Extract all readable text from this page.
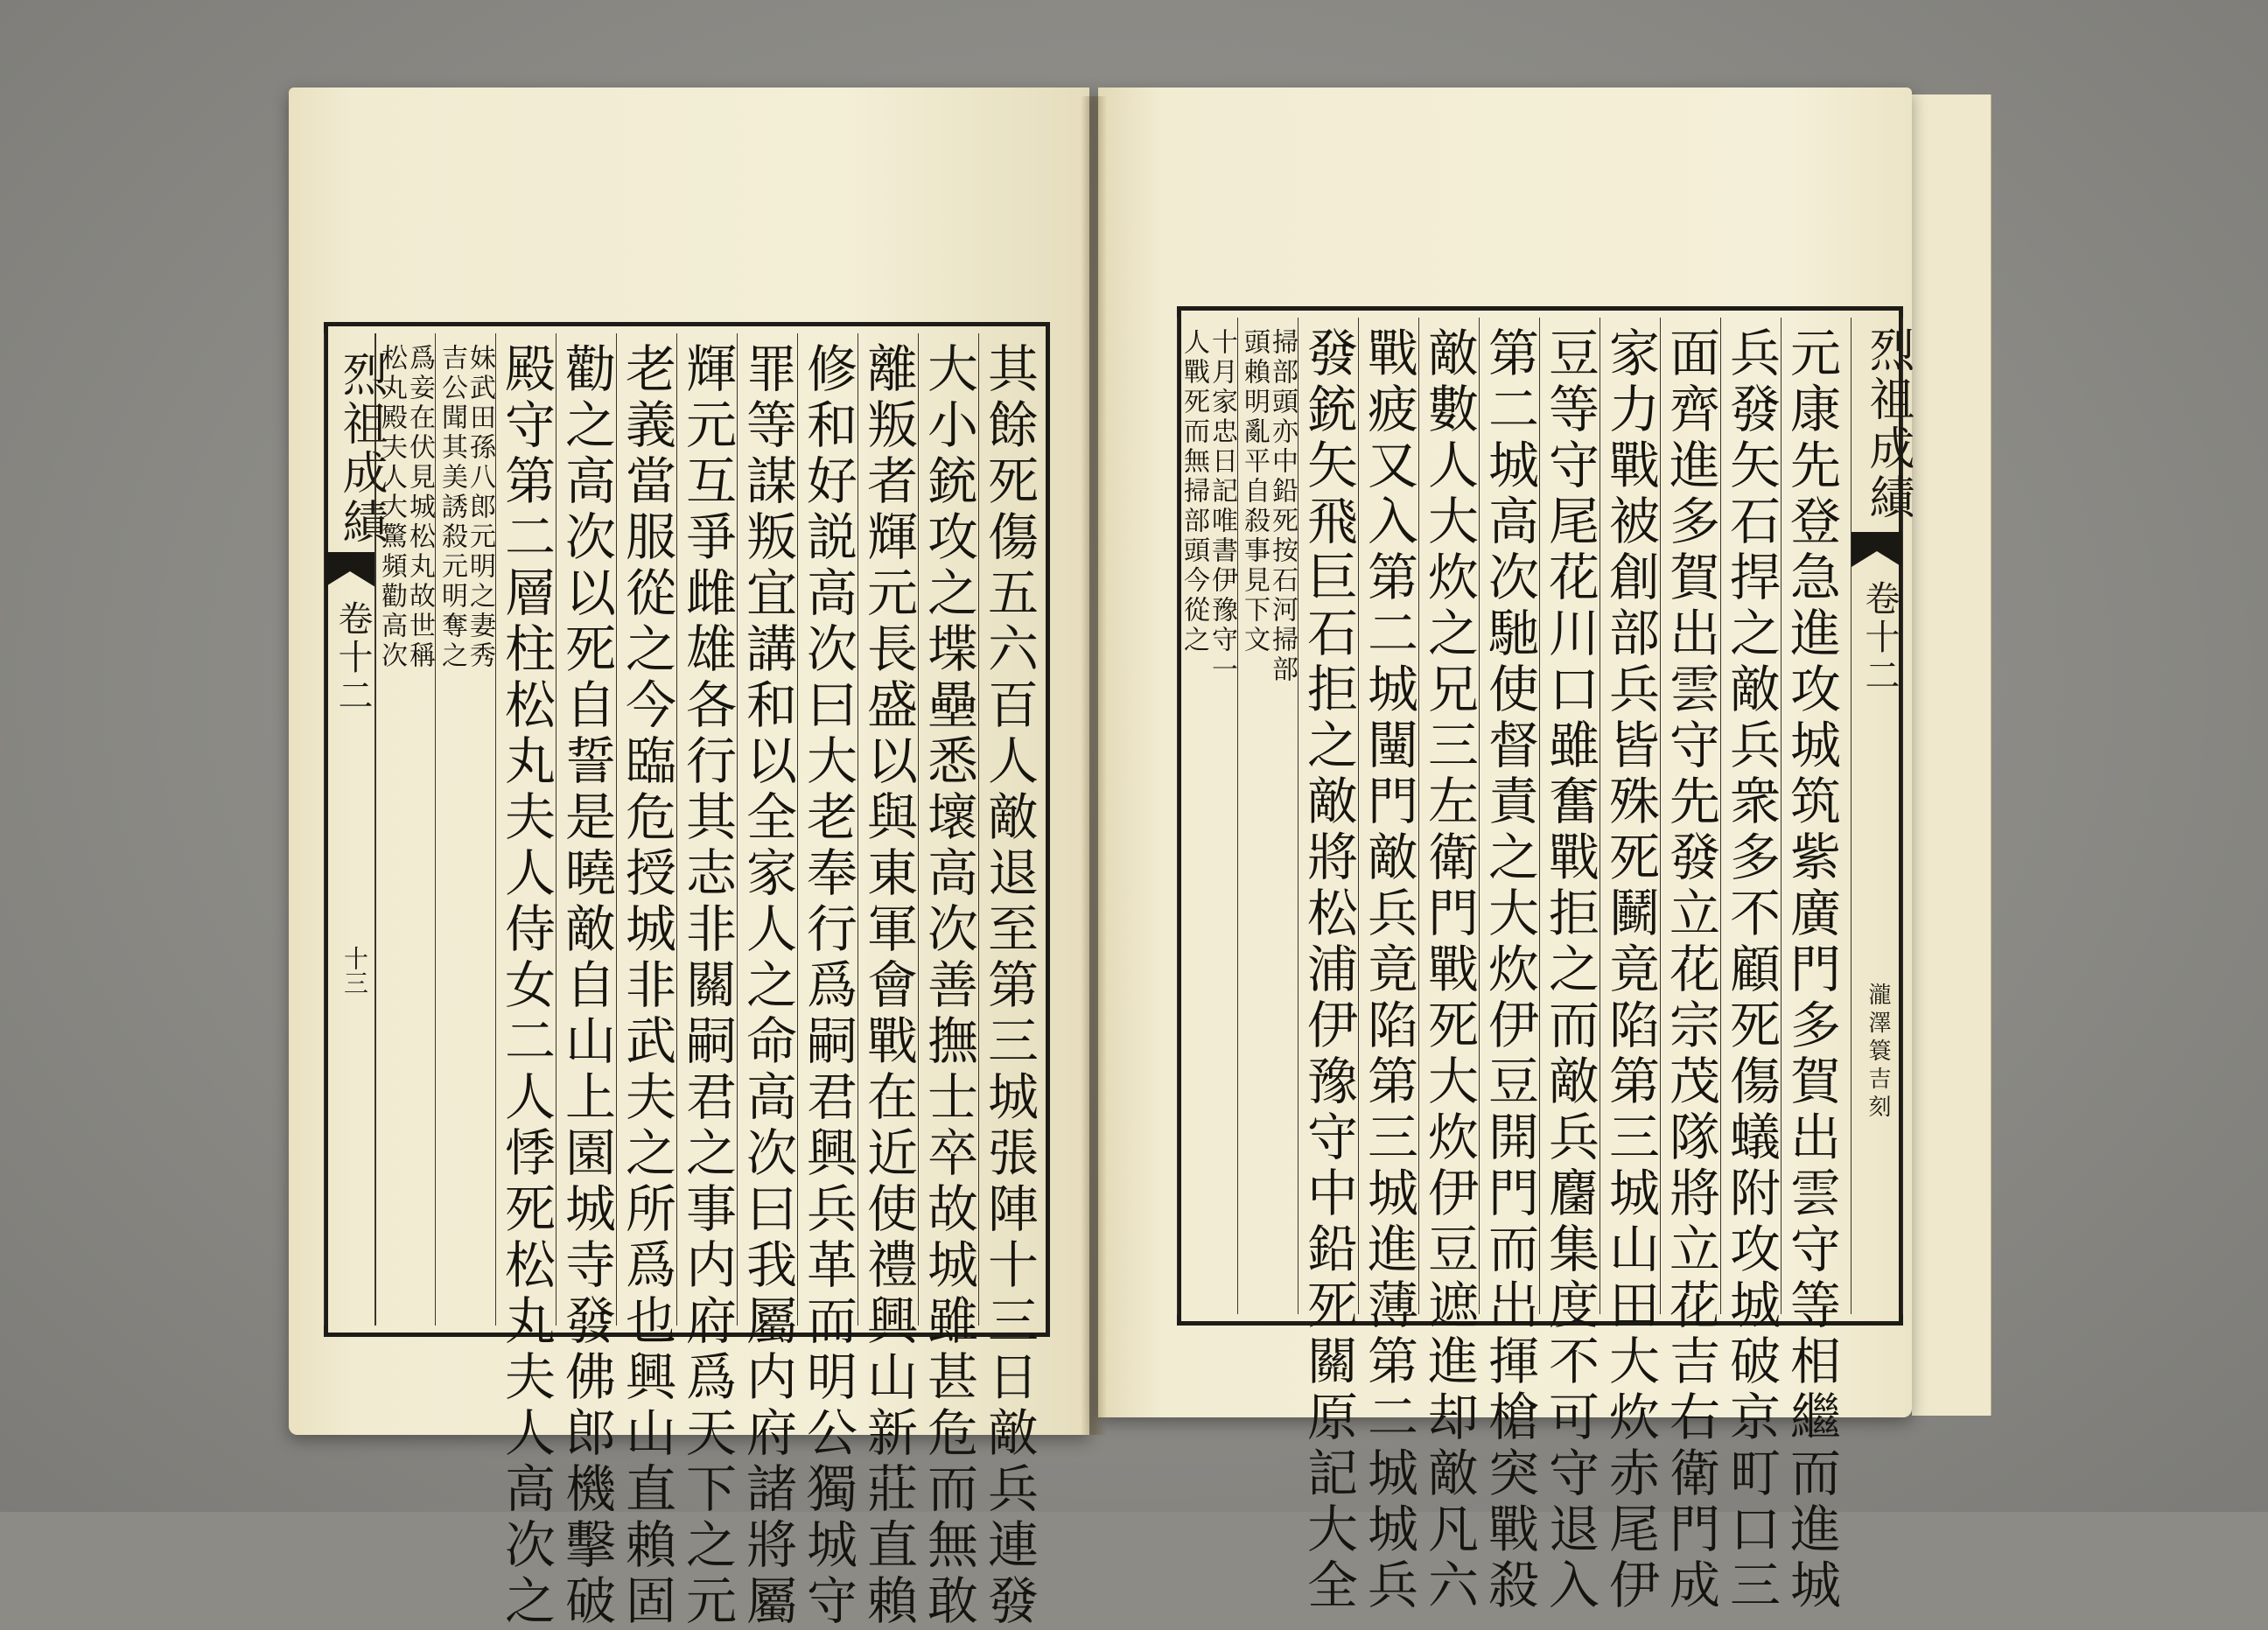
烈祖成績
卷十二
十三	其餘死傷五六百人敵退至第三城張陣十三日敵兵連發
大小銃攻之堞壘悉壞高次善撫士卒故城雖甚危而無敢
離叛者輝元長盛以與東軍會戰在近使禮興山新莊直賴
修和好説高次曰大老奉行爲嗣君興兵革而明公獨城守
罪等謀叛宜講和以全家人之命高次曰我屬内府諸將屬
輝元互爭雌雄各行其志非關嗣君之事内府爲天下之元
老義當服從之今臨危授城非武夫之所爲也興山直賴固
勸之高次以死自誓是曉敵自山上園城寺發佛郎機擊破
殿守第二層柱松丸夫人侍女二人悸死松丸夫人高次之
妹武田孫八郎元明之妻秀
吉公聞其美誘殺元明奪之
爲妾在伏見城松丸故世稱
松丸殿夫人大驚頻勸高次	元康先登急進攻城筑紫廣門多賀出雲守等相繼而進城
兵發矢石捍之敵兵衆多不顧死傷蟻附攻城破京町口三
面齊進多賀出雲守先發立花宗茂隊將立花吉右衛門成
家力戰被創部兵皆殊死鬭竟陷第三城山田大炊赤尾伊
豆等守尾花川口雖奮戰拒之而敵兵麕集度不可守退入
第二城高次馳使督責之大炊伊豆開門而出揮槍突戰殺
敵數人大炊之兄三左衛門戰死大炊伊豆遮進却敵凡六
戰疲又入第二城闉門敵兵竟陷第三城進薄第二城城兵
發銃矢飛巨石拒之敵將松浦伊豫守中鉛死關原記大全
掃部頭亦中鉛死按石河掃部
頭賴明亂平自殺事見下文
十月家忠日記唯書伊豫守一
人戰死而無掃部頭今從之	烈祖成績
卷十二
瀧澤簑吉刻
